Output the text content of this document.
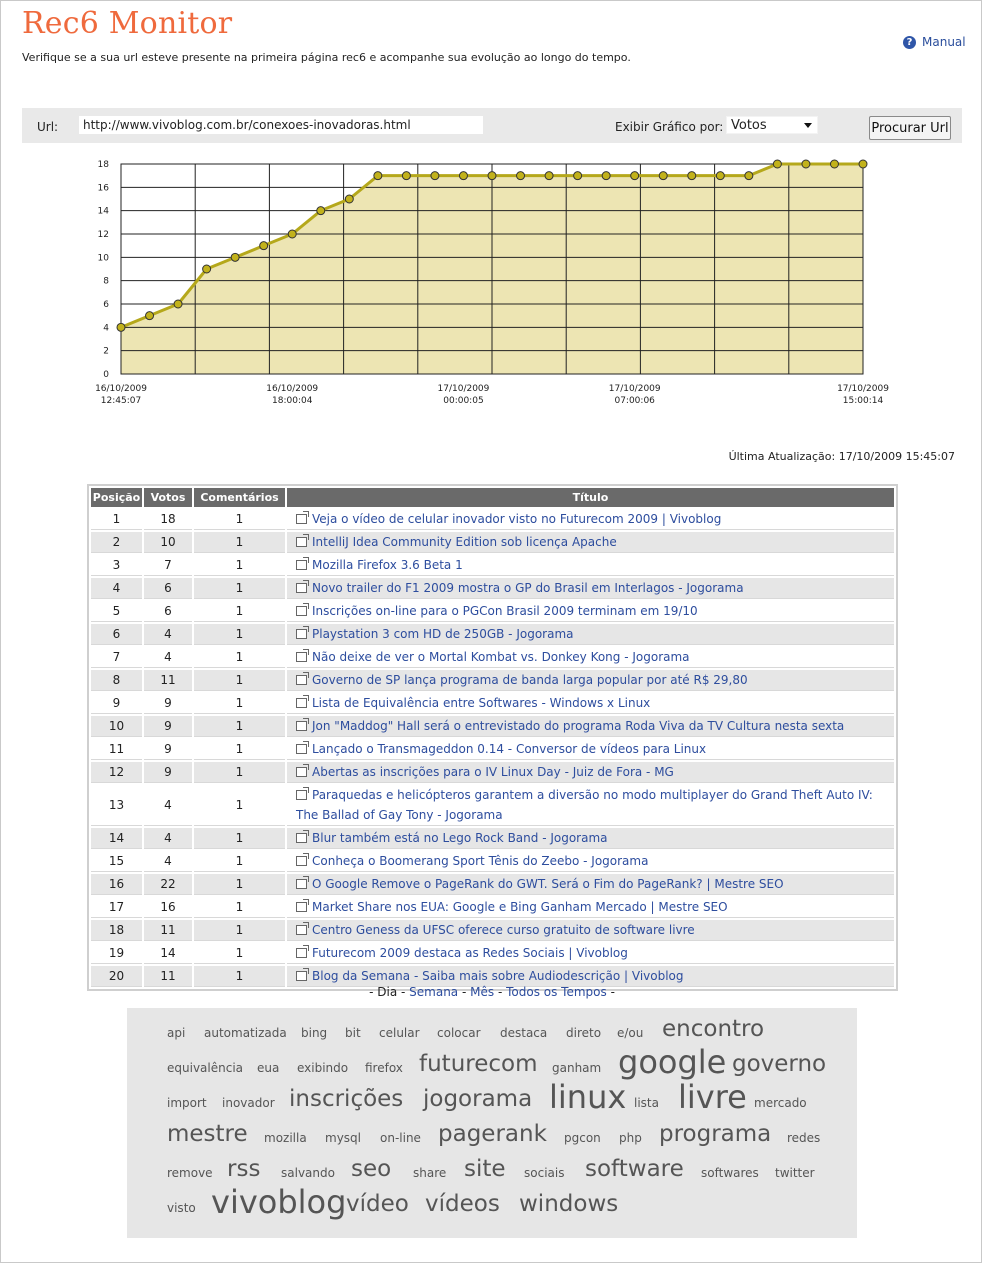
Rec6 Monitor
Verifique se a sua url esteve presente na primeira página rec6 e acompanhe sua evolução ao longo do tempo.
? Manual
Url:
http://www.vivoblog.com.br/conexoes-inovadoras.html	Exibir Gráfico por: Votos	Procurar Url
0
2
4
6
8
10
12
14
16
18
16/10/2009
12:45:07
16/10/2009
18:00:04
17/10/2009
00:00:05
17/10/2009
07:00:06
17/10/2009
15:00:14
Última Atualização: 17/10/2009 15:45:07
Posição	Votos	Comentários	Título
1	18	1	Veja o vídeo de celular inovador visto no Futurecom 2009 | Vivoblog
2	10	1	IntelliJ Idea Community Edition sob licença Apache
3	7	1	Mozilla Firefox 3.6 Beta 1
4	6	1	Novo trailer do F1 2009 mostra o GP do Brasil em Interlagos - Jogorama
5	6	1	Inscrições on-line para o PGCon Brasil 2009 terminam em 19/10
6	4	1	Playstation 3 com HD de 250GB - Jogorama
7	4	1	Não deixe de ver o Mortal Kombat vs. Donkey Kong - Jogorama
8	11	1	Governo de SP lança programa de banda larga popular por até R$ 29,80
9	9	1	Lista de Equivalência entre Softwares - Windows x Linux
10	9	1	Jon "Maddog" Hall será o entrevistado do programa Roda Viva da TV Cultura nesta sexta
11	9	1	Lançado o Transmageddon 0.14 - Conversor de vídeos para Linux
12	9	1	Abertas as inscrições para o IV Linux Day - Juiz de Fora - MG
13	4	1	Paraquedas e helicópteros garantem a diversão no modo multiplayer do Grand Theft Auto IV: The Ballad of Gay Tony - Jogorama
14	4	1	Blur também está no Lego Rock Band - Jogorama
15	4	1	Conheça o Boomerang Sport Tênis do Zeebo - Jogorama
16	22	1	O Google Remove o PageRank do GWT. Será o Fim do PageRank? | Mestre SEO
17	16	1	Market Share nos EUA: Google e Bing Ganham Mercado | Mestre SEO
18	11	1	Centro Geness da UFSC oferece curso gratuito de software livre
19	14	1	Futurecom 2009 destaca as Redes Sociais | Vivoblog
20	11	1	Blog da Semana - Saiba mais sobre Audiodescrição | Vivoblog
- Dia - Semana - Mês - Todos os Tempos -
api automatizada bing bit celular colocar destaca direto e/ou encontro
equivalência eua exibindo firefox futurecom ganham google governo
import inovador inscrições jogorama linux lista livre mercado
mestre mozilla mysql on-line pagerank pgcon php programa redes
remove rss salvando seo share site sociais software softwares twitter
visto vivoblog vídeo vídeos windows
